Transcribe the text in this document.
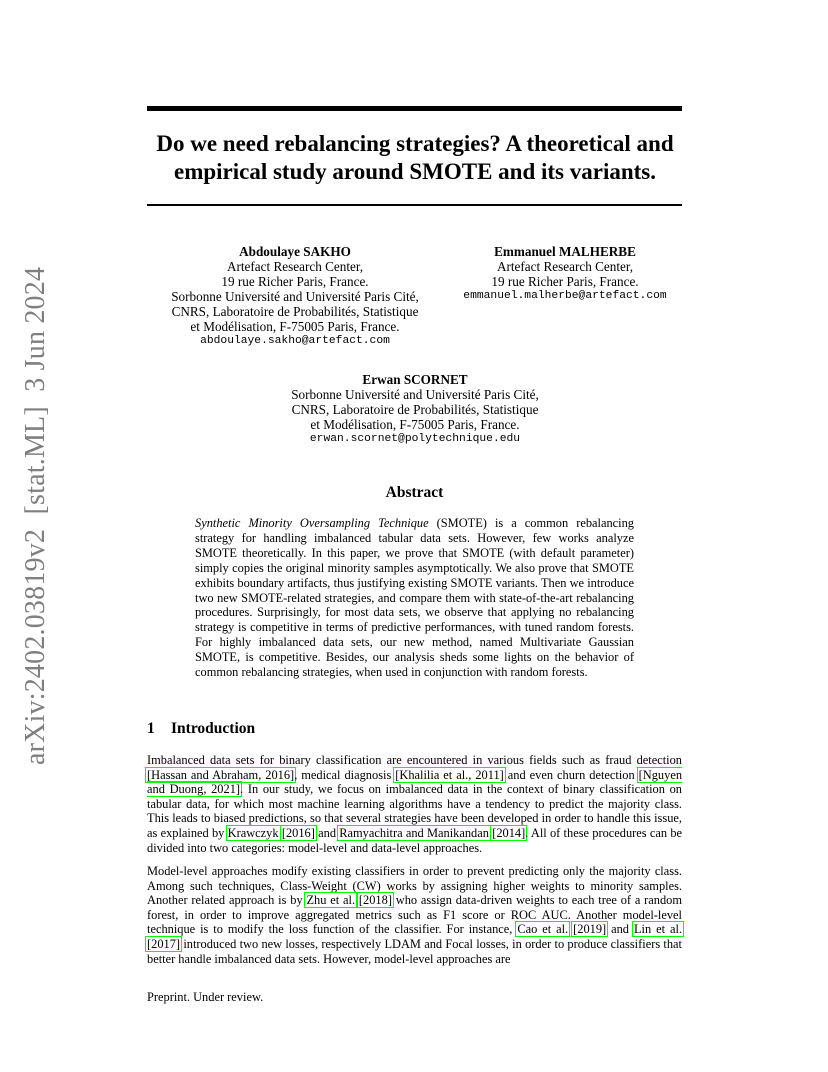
arXiv:2402.03819v2  [stat.ML]  3 Jun 2024
Do we need rebalancing strategies? A theoretical and
empirical study around SMOTE and its variants.
Abdoulaye SAKHO
Artefact Research Center,
19 rue Richer Paris, France.
Sorbonne Université and Université Paris Cité,
CNRS, Laboratoire de Probabilités, Statistique
et Modélisation, F-75005 Paris, France.
abdoulaye.sakho@artefact.com
Emmanuel MALHERBE
Artefact Research Center,
19 rue Richer Paris, France.
emmanuel.malherbe@artefact.com
Erwan SCORNET
Sorbonne Université and Université Paris Cité,
CNRS, Laboratoire de Probabilités, Statistique
et Modélisation, F-75005 Paris, France.
erwan.scornet@polytechnique.edu
Abstract
Synthetic Minority Oversampling Technique (SMOTE) is a common rebalancing strategy for handling imbalanced tabular data sets. However, few works analyze SMOTE theoretically. In this paper, we prove that SMOTE (with default parameter) simply copies the original minority samples asymptotically. We also prove that SMOTE exhibits boundary artifacts, thus justifying existing SMOTE variants. Then we introduce two new SMOTE-related strategies, and compare them with state-of-the-art rebalancing procedures. Surprisingly, for most data sets, we observe that applying no rebalancing strategy is competitive in terms of predictive performances, with tuned random forests. For highly imbalanced data sets, our new method, named Multivariate Gaussian SMOTE, is competitive. Besides, our analysis sheds some lights on the behavior of common rebalancing strategies, when used in conjunction with random forests.
1 Introduction
Imbalanced data sets for binary classification are encountered in various fields such as fraud detection [Hassan and Abraham, 2016], medical diagnosis [Khalilia et al., 2011] and even churn detection [Nguyen and Duong, 2021]. In our study, we focus on imbalanced data in the context of binary classification on tabular data, for which most machine learning algorithms have a tendency to predict the majority class. This leads to biased predictions, so that several strategies have been developed in order to handle this issue, as explained by Krawczyk [2016] and Ramyachitra and Manikandan [2014]. All of these procedures can be divided into two categories: model-level and data-level approaches.
Model-level approaches modify existing classifiers in order to prevent predicting only the majority class. Among such techniques, Class-Weight (CW) works by assigning higher weights to minority samples. Another related approach is by Zhu et al. [2018] who assign data-driven weights to each tree of a random forest, in order to improve aggregated metrics such as F1 score or ROC AUC. Another model-level technique is to modify the loss function of the classifier. For instance, Cao et al. [2019] and Lin et al. [2017] introduced two new losses, respectively LDAM and Focal losses, in order to produce classifiers that better handle imbalanced data sets. However, model-level approaches are
Preprint. Under review.
